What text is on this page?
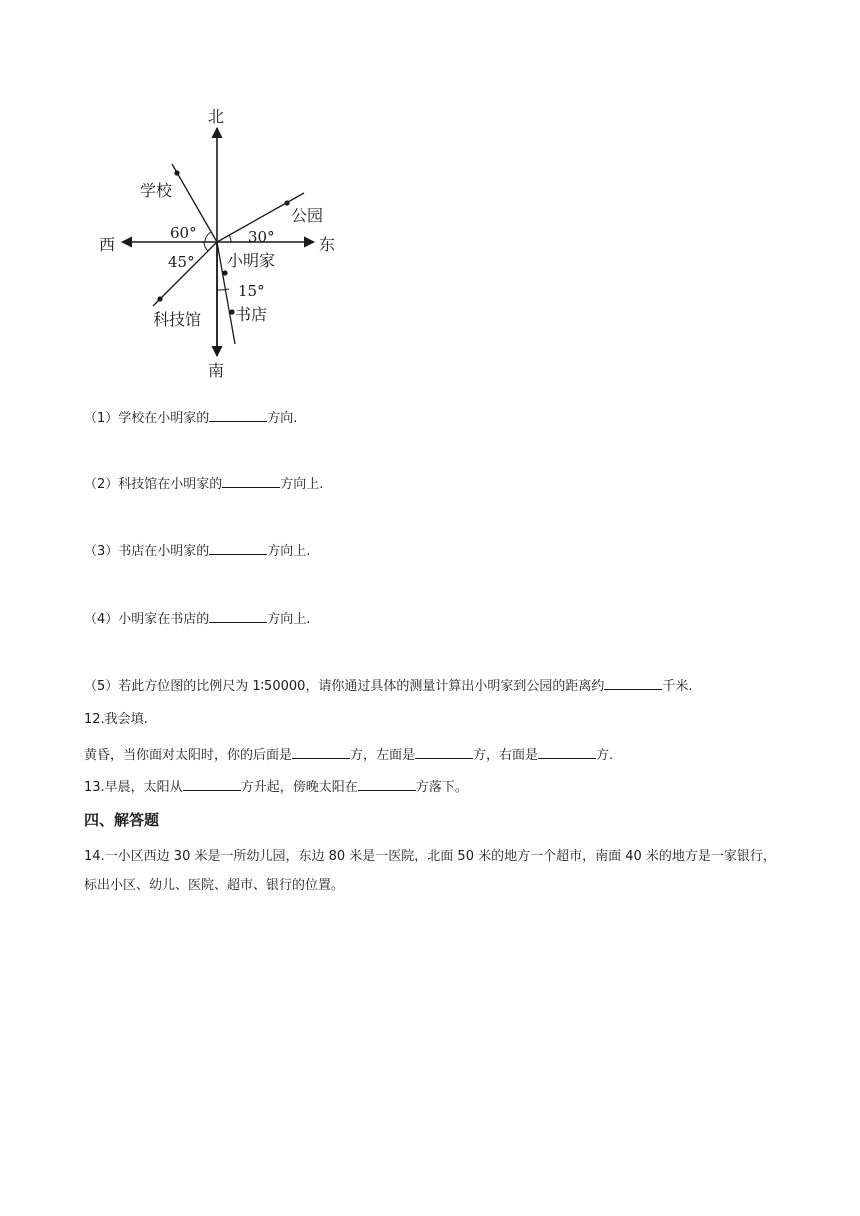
北
南
东
西
学校
公园
小明家
科技馆 书店
60°	30°
45°
15°
（1）学校在小明家的	方向.
（2）科技馆在小明家的	方向上.
（3）书店在小明家的	方向上.
（4）小明家在书店的	方向上.
（5）若此方位图的比例尺为 1∶50000，请你通过具体的测量计算出小明家到公园的距离约	千米.
12.我会填.
黄昏，当你面对太阳时，你的后面是	方，左面是	方，右面是	方.
13.早晨，太阳从	方升起，傍晚太阳在	方落下。
四、解答题
14.一小区西边 30 米是一所幼儿园，东边 80 米是一医院，北面 50 米的地方一个超市，南面 40 米的地方是一家银行，标出小区、幼儿、医院、超市、银行的位置。
